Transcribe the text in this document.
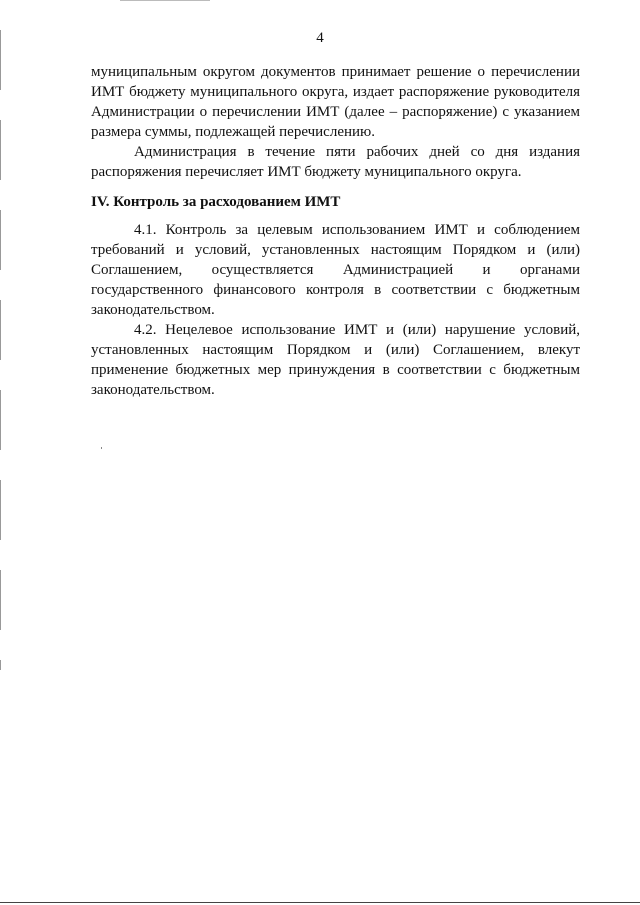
4

муниципальным округом документов принимает решение о перечислении ИМТ бюджету муниципального округа, издает распоряжение руководителя Администрации о перечислении ИМТ (далее – распоряжение) с указанием размера суммы, подлежащей перечислению.

Администрация в течение пяти рабочих дней со дня издания распоряжения перечисляет ИМТ бюджету муниципального округа.

IV. Контроль за расходованием ИМТ

4.1. Контроль за целевым использованием ИМТ и соблюдением требований и условий, установленных настоящим Порядком и (или) Соглашением, осуществляется Администрацией и органами государственного финансового контроля в соответствии с бюджетным законодательством.

4.2. Нецелевое использование ИМТ и (или) нарушение условий, установленных настоящим Порядком и (или) Соглашением, влекут применение бюджетных мер принуждения в соответствии с бюджетным законодательством.
